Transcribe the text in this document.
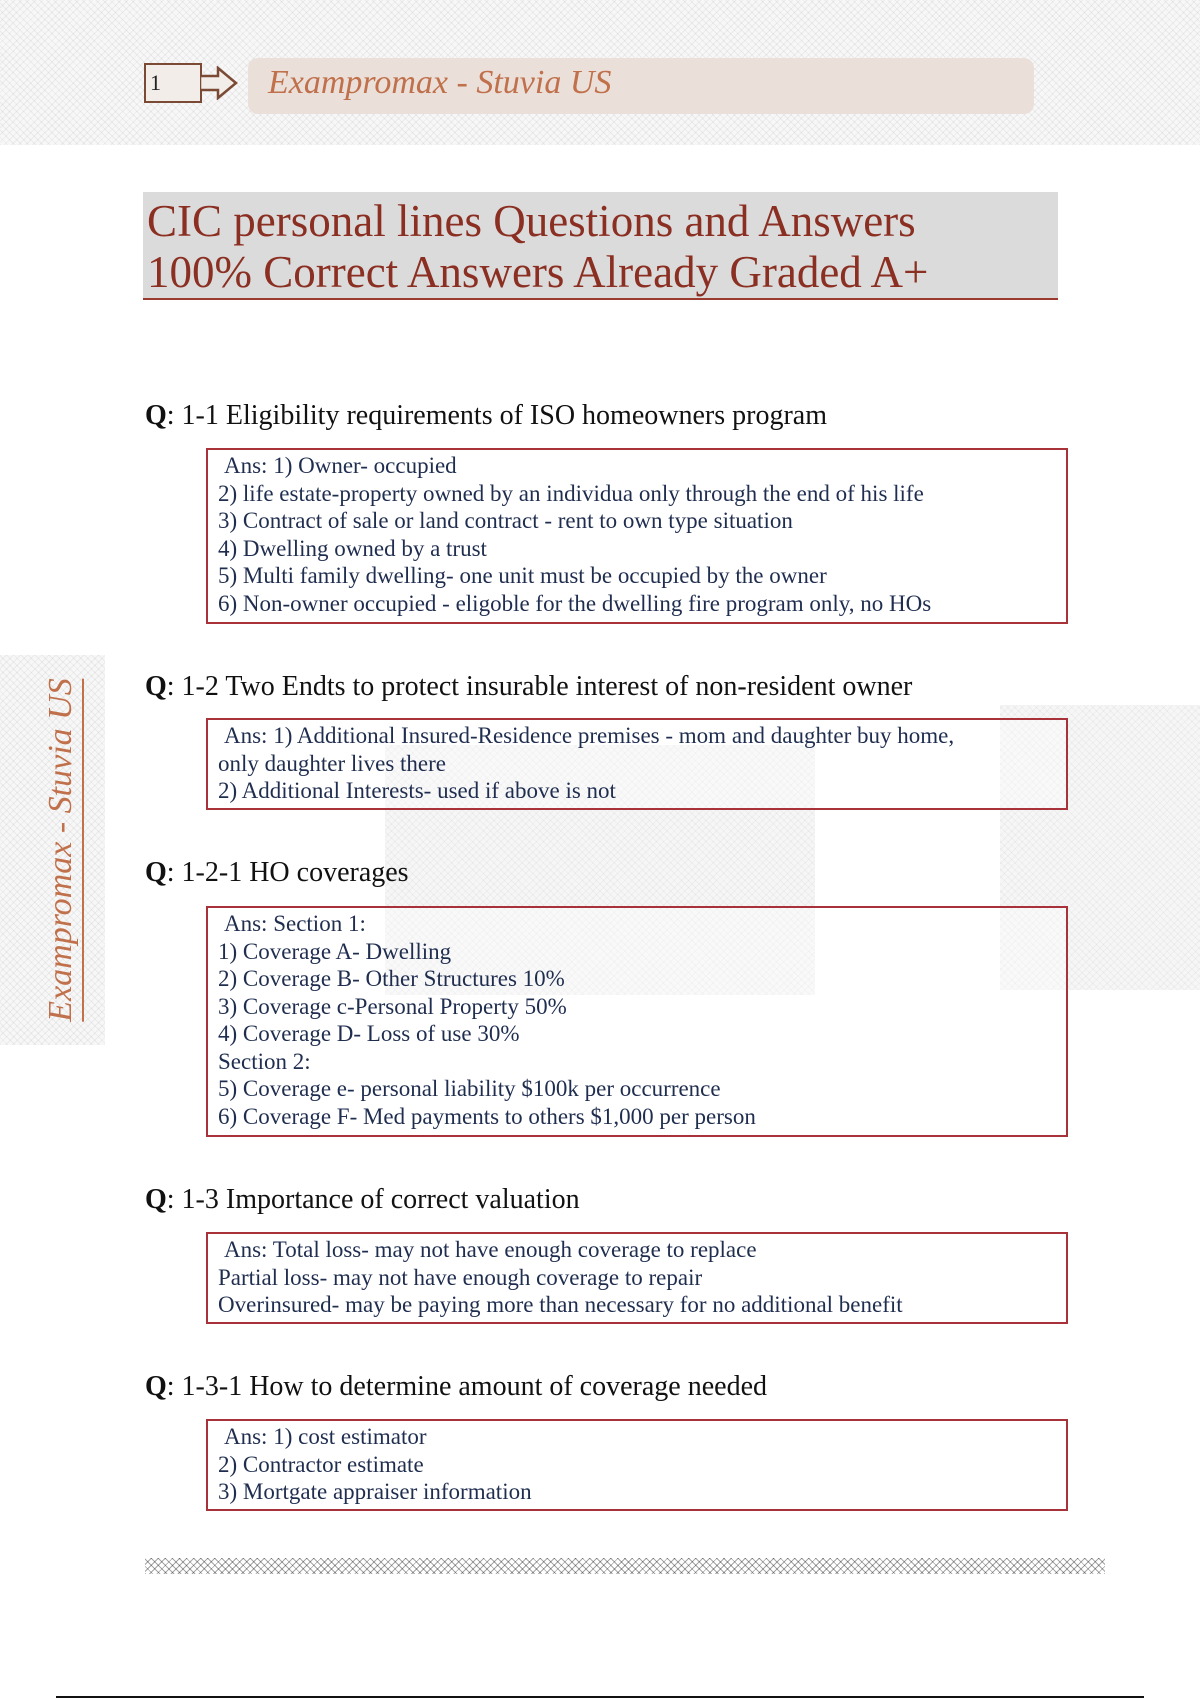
1	Exampromax - Stuvia US
Exampromax - Stuvia US
CIC personal lines Questions and Answers
100% Correct Answers Already Graded A+
Q: 1-1 Eligibility requirements of ISO homeowners program
Ans: 1) Owner- occupied
2) life estate-property owned by an individua only through the end of his life
3) Contract of sale or land contract - rent to own type situation
4) Dwelling owned by a trust
5) Multi family dwelling- one unit must be occupied by the owner
6) Non-owner occupied - eligoble for the dwelling fire program only, no HOs
Q: 1-2 Two Endts to protect insurable interest of non-resident owner
Ans: 1) Additional Insured-Residence premises - mom and daughter buy home,
only daughter lives there
2) Additional Interests- used if above is not
Q: 1-2-1 HO coverages
Ans: Section 1:
1) Coverage A- Dwelling
2) Coverage B- Other Structures 10%
3) Coverage c-Personal Property 50%
4) Coverage D- Loss of use 30%
Section 2:
5) Coverage e- personal liability $100k per occurrence
6) Coverage F- Med payments to others $1,000 per person
Q: 1-3 Importance of correct valuation
Ans: Total loss- may not have enough coverage to replace
Partial loss- may not have enough coverage to repair
Overinsured- may be paying more than necessary for no additional benefit
Q: 1-3-1 How to determine amount of coverage needed
Ans: 1) cost estimator
2) Contractor estimate
3) Mortgate appraiser information
